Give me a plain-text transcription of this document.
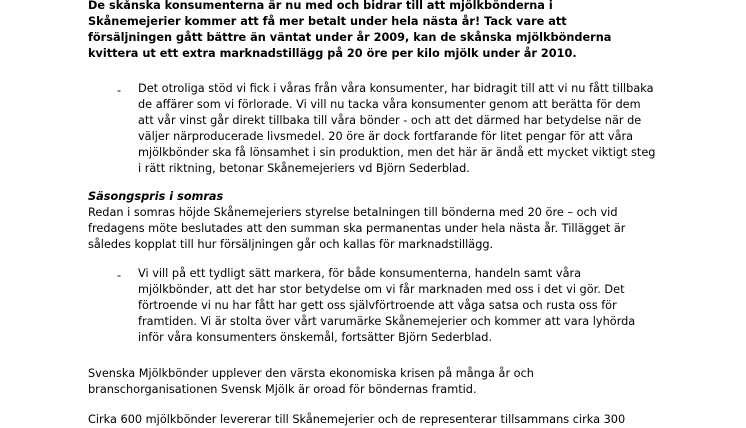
De skånska konsumenterna är nu med och bidrar till att mjölkbönderna i Skånemejerier kommer att få mer betalt under hela nästa år! Tack vare att försäljningen gått bättre än väntat under år 2009, kan de skånska mjölkbönderna kvittera ut ett extra marknadstillägg på 20 öre per kilo mjölk under år 2010.

- Det otroliga stöd vi fick i våras från våra konsumenter, har bidragit till att vi nu fått tillbaka de affärer som vi förlorade. Vi vill nu tacka våra konsumenter genom att berätta för dem att vår vinst går direkt tillbaka till våra bönder - och att det därmed har betydelse när de väljer närproducerade livsmedel. 20 öre är dock fortfarande för litet pengar för att våra mjölkbönder ska få lönsamhet i sin produktion, men det här är ändå ett mycket viktigt steg i rätt riktning, betonar Skånemejeriers vd Björn Sederblad.

Säsongspris i somras

Redan i somras höjde Skånemejeriers styrelse betalningen till bönderna med 20 öre – och vid fredagens möte beslutades att den summan ska permanentas under hela nästa år. Tillägget är således kopplat till hur försäljningen går och kallas för marknadstillägg.

- Vi vill på ett tydligt sätt markera, för både konsumenterna, handeln samt våra mjölkbönder, att det har stor betydelse om vi får marknaden med oss i det vi gör. Det förtroende vi nu har fått har gett oss självförtroende att våga satsa och rusta oss för framtiden. Vi är stolta över vårt varumärke Skånemejerier och kommer att vara lyhörda inför våra konsumenters önskemål, fortsätter Björn Sederblad.

Svenska Mjölkbönder upplever den värsta ekonomiska krisen på många år och branschorganisationen Svensk Mjölk är oroad för böndernas framtid.

Cirka 600 mjölkbönder levererar till Skånemejerier och de representerar tillsammans cirka 300
